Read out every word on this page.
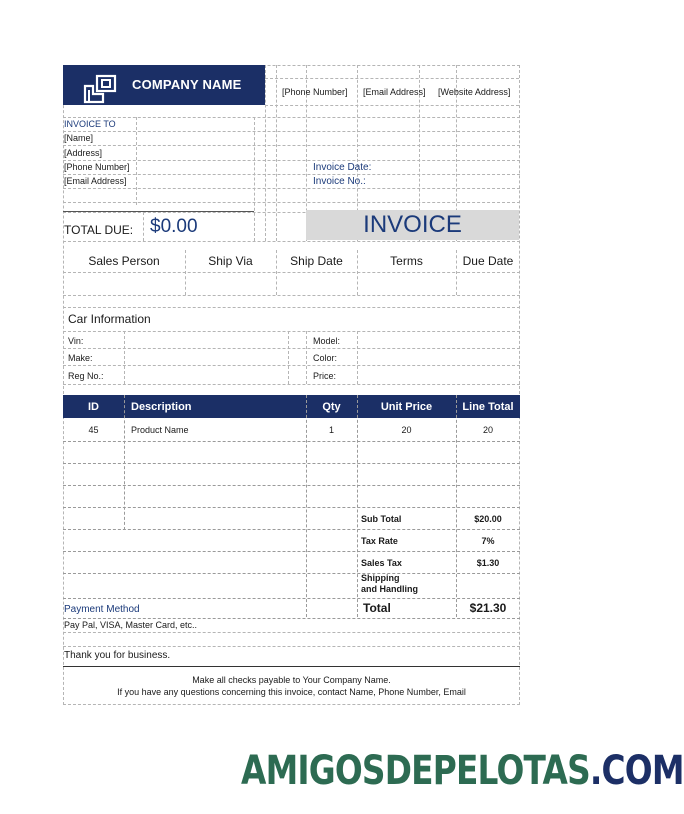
COMPANY NAME	[Phone Number]	[Email Address]	[Website Address]
INVOICE TO
[Name]
[Address]
[Phone Number]
[Email Address]
Invoice Date:
Invoice No.:
TOTAL DUE: $0.00	INVOICE
Sales Person	Ship Via	Ship Date	Terms	Due Date
Car Information
Vin:
Make:
Reg No.:
Model:
Color:
Price:
ID	Description	Qty	Unit Price	Line Total
45	Product Name	1	20	20
Sub Total	$20.00
Tax Rate	7%
Sales Tax	$1.30
Shipping
and Handling
Total	$21.30
Payment Method
Pay Pal, VISA, Master Card, etc..
Thank you for business.
Make all checks payable to Your Company Name.
If you have any questions concerning this invoice, contact Name, Phone Number, Email
AMIGOSDEPELOTAS.COM
